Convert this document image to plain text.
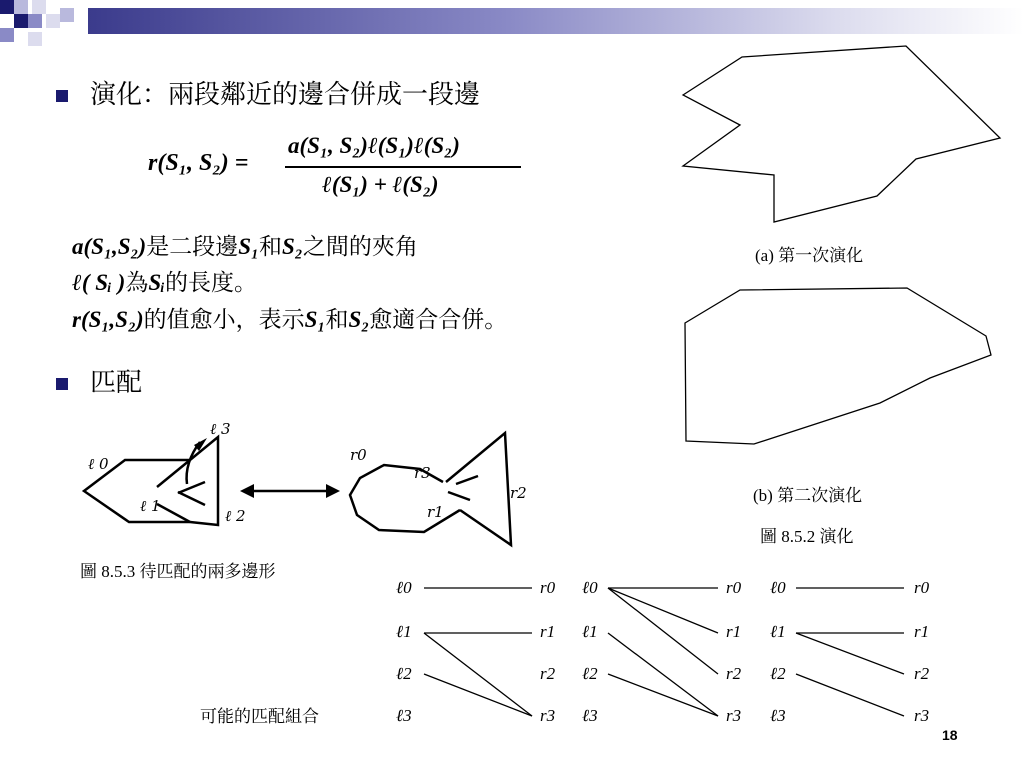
演化：兩段鄰近的邊合併成一段邊
r(S₁, S₂) =
a(S₁, S₂)ℓ(S₁)ℓ(S₂)
ℓ(S₁) + ℓ(S₂)
a(S₁,S₂)是二段邊S₁和S₂之間的夾角
ℓ( Sᵢ )為Sᵢ的長度。
r(S₁,S₂)的值愈小，表示S₁和S₂愈適合合併。
匹配
ℓ 0
ℓ 1
ℓ 2
ℓ 3
r0
r1
r2
r3
圖 8.5.3 待匹配的兩多邊形
(a) 第一次演化
(b) 第二次演化
圖 8.5.2 演化
可能的匹配組合
ℓ0	r0
ℓ1	r1
ℓ2	r2
ℓ3	r3
ℓ0	r0
ℓ1	r1
ℓ2	r2
ℓ3	r3
ℓ0	r0
ℓ1	r1
ℓ2	r2
ℓ3	r3
18
